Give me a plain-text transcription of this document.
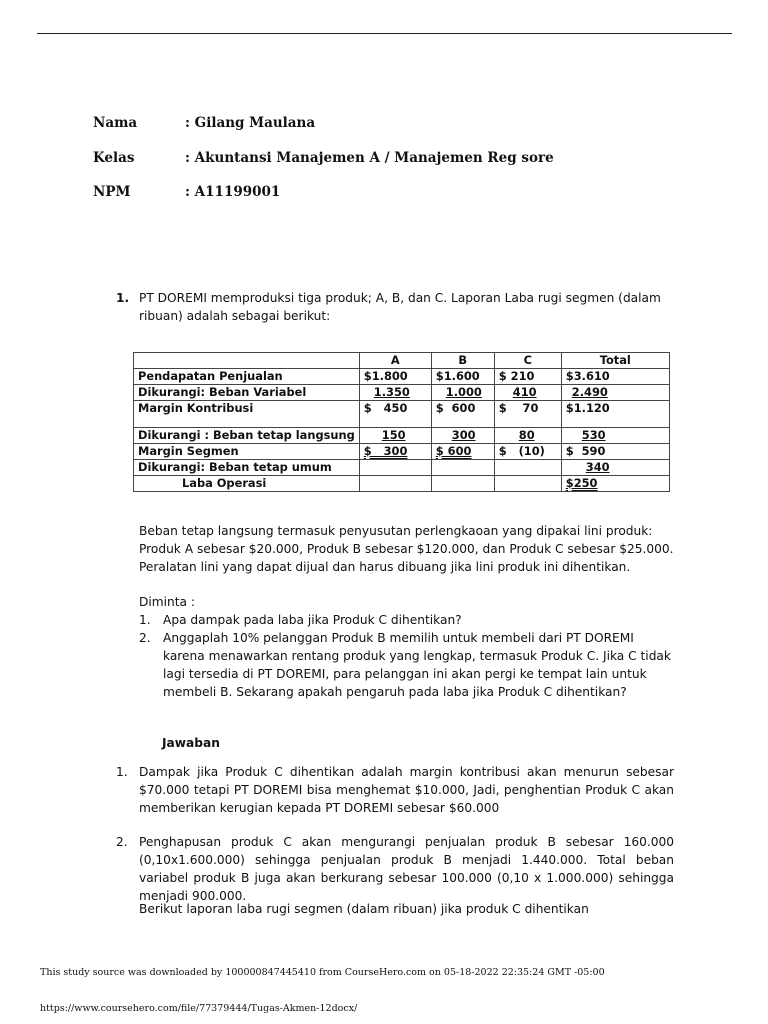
Nama	: Gilang Maulana
Kelas	: Akuntansi Manajemen A / Manajemen Reg sore
NPM	: A11199001
1. PT DOREMI memproduksi tiga produk; A, B, dan C. Laporan Laba rugi segmen (dalam ribuan) adalah sebagai berikut:
	A	B	C	Total
Pendapatan Penjualan	$1.800	$1.600	$ 210	$3.610
Dikurangi: Beban Variabel	1.350	1.000	410	2.490
Margin Kontribusi	$   450	$  600	$    70	$1.120
Dikurangi : Beban tetap langsung	150	300	80	530
Margin Segmen	$   300	$ 600	$   (10)	$  590
Dikurangi: Beban tetap umum				340
Laba Operasi				$250
Beban tetap langsung termasuk penyusutan perlengkaoan yang dipakai lini produk: Produk A sebesar $20.000, Produk B sebesar $120.000, dan Produk C sebesar $25.000. Peralatan lini yang dapat dijual dan harus dibuang jika lini produk ini dihentikan.
Diminta :
1. Apa dampak pada laba jika Produk C dihentikan?
2. Anggaplah 10% pelanggan Produk B memilih untuk membeli dari PT DOREMI karena menawarkan rentang produk yang lengkap, termasuk Produk C. Jika C tidak lagi tersedia di PT DOREMI, para pelanggan ini akan pergi ke tempat lain untuk membeli B. Sekarang apakah pengaruh pada laba jika Produk C dihentikan?
Jawaban
1. Dampak jika Produk C dihentikan adalah margin kontribusi akan menurun sebesar $70.000 tetapi PT DOREMI bisa menghemat $10.000, Jadi, penghentian Produk C akan memberikan kerugian kepada PT DOREMI sebesar $60.000
2. Penghapusan produk C akan mengurangi penjualan produk B sebesar 160.000 (0,10x1.600.000) sehingga penjualan produk B menjadi 1.440.000. Total beban variabel produk B juga akan berkurang sebesar 100.000 (0,10 x 1.000.000) sehingga menjadi 900.000.
Berikut laporan laba rugi segmen (dalam ribuan) jika produk C dihentikan
This study source was downloaded by 100000847445410 from CourseHero.com on 05-18-2022 22:35:24 GMT -05:00
https://www.coursehero.com/file/77379444/Tugas-Akmen-12docx/
